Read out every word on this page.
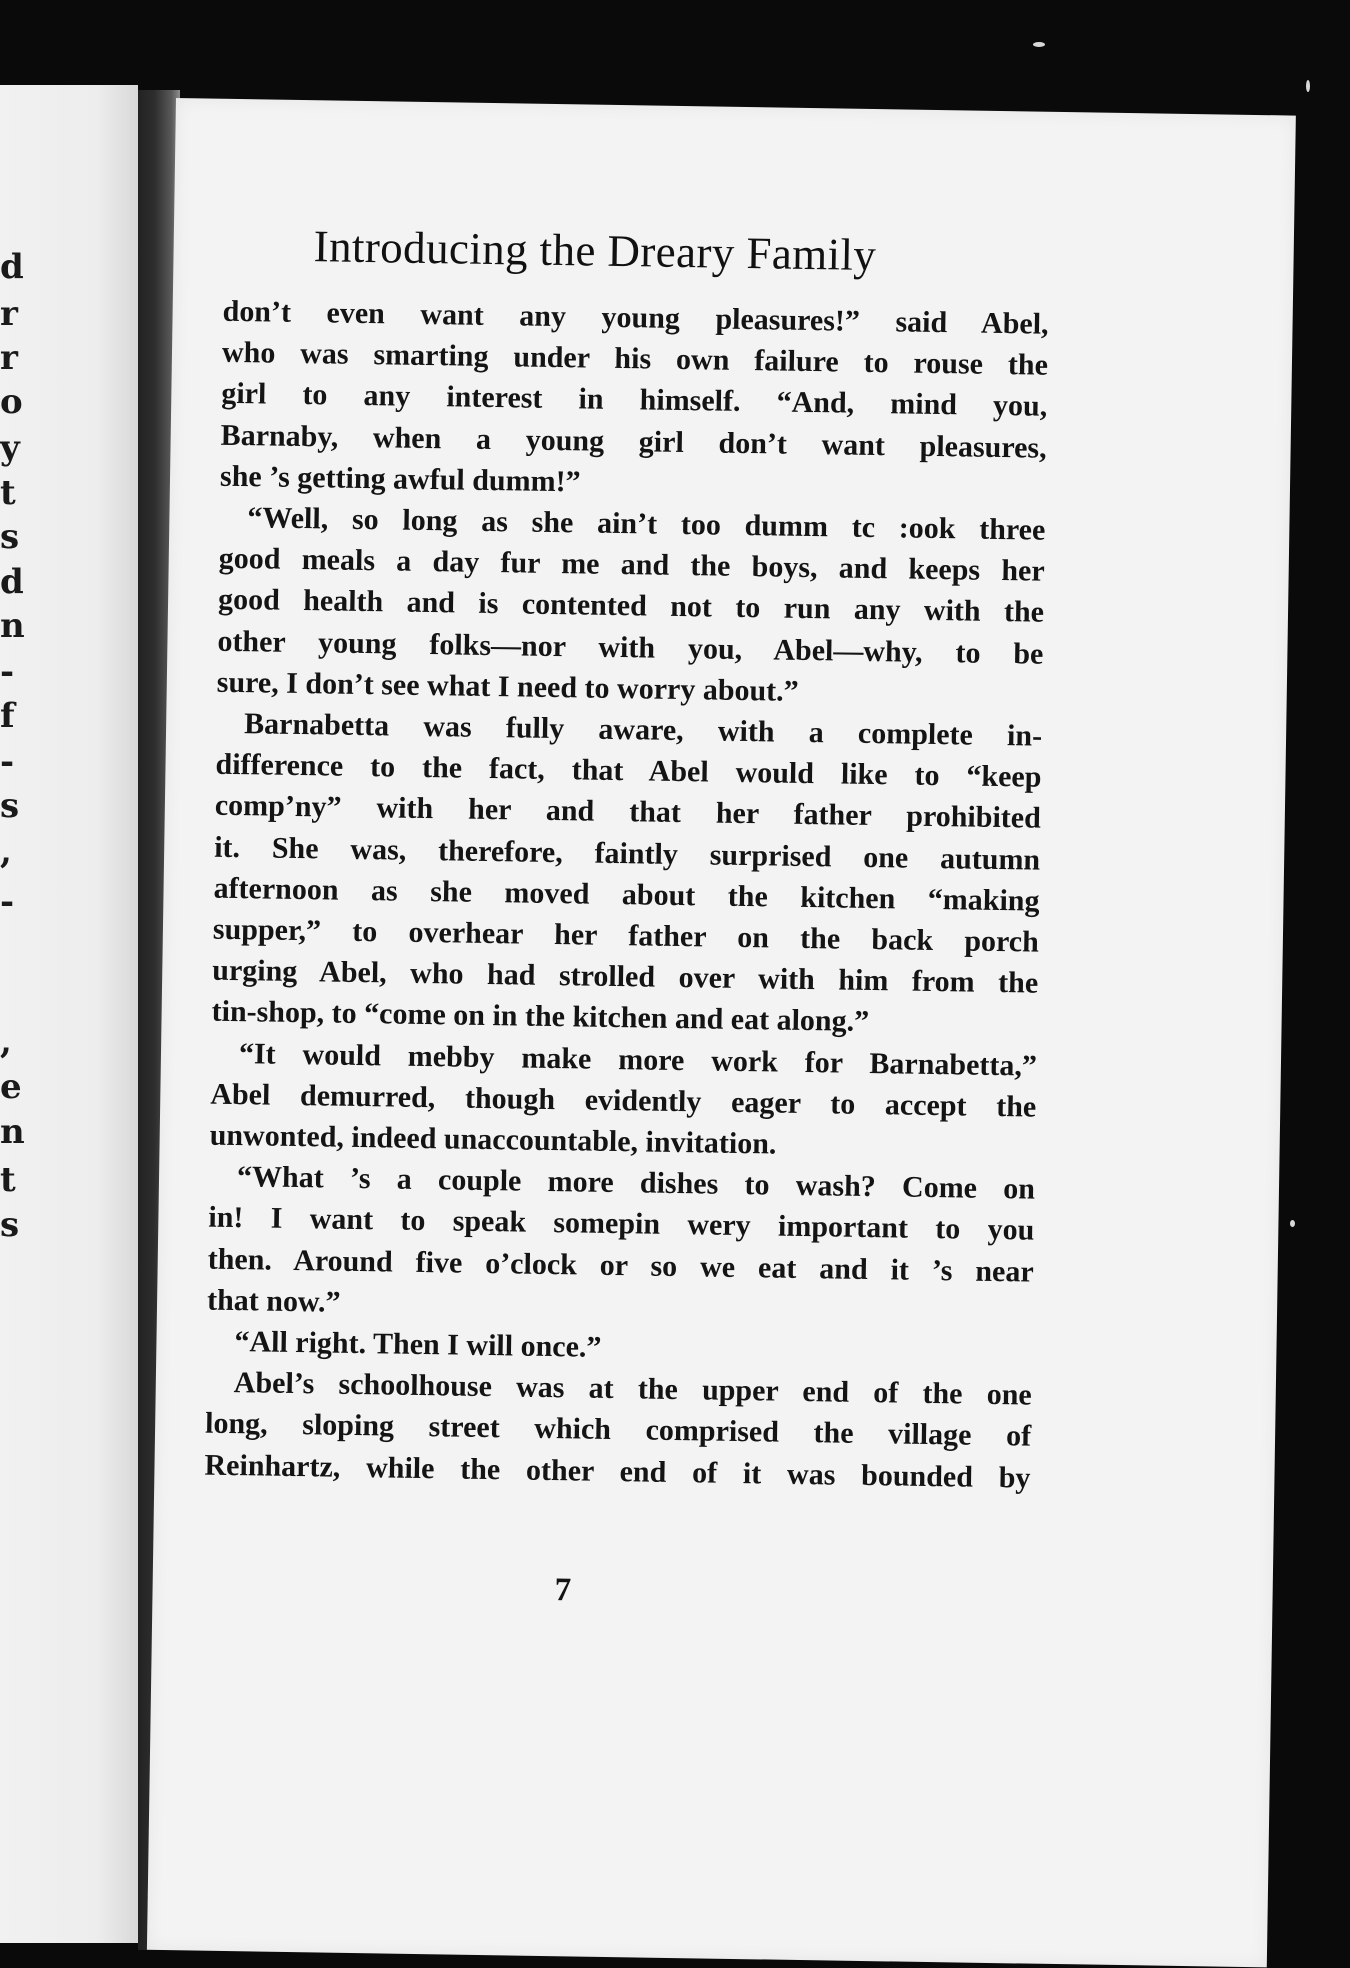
d
r
r
o
y
t
s
d
n
-
f
-
s
,
-
,
e
n
t
s
Introducing the Dreary Family

don’t even want any young pleasures!” said Abel,

who was smarting under his own failure to rouse the

girl to any interest in himself. “And, mind you,

Barnaby, when a young girl don’t want pleasures,

she ’s getting awful dumm!”

“Well, so long as she ain’t too dumm tc :ook three

good meals a day fur me and the boys, and keeps her

good health and is contented not to run any with the

other young folks—nor with you, Abel—why, to be

sure, I don’t see what I need to worry about.”

Barnabetta was fully aware, with a complete in-

difference to the fact, that Abel would like to “keep

comp’ny” with her and that her father prohibited

it. She was, therefore, faintly surprised one autumn

afternoon as she moved about the kitchen “making

supper,” to overhear her father on the back porch

urging Abel, who had strolled over with him from the

tin-shop, to “come on in the kitchen and eat along.”

“It would mebby make more work for Barnabetta,”

Abel demurred, though evidently eager to accept the

unwonted, indeed unaccountable, invitation.

“What ’s a couple more dishes to wash? Come on

in! I want to speak somepin wery important to you

then. Around five o’clock or so we eat and it ’s near

that now.”

“All right. Then I will once.”

Abel’s schoolhouse was at the upper end of the one

long, sloping street which comprised the village of

Reinhartz, while the other end of it was bounded by

7
